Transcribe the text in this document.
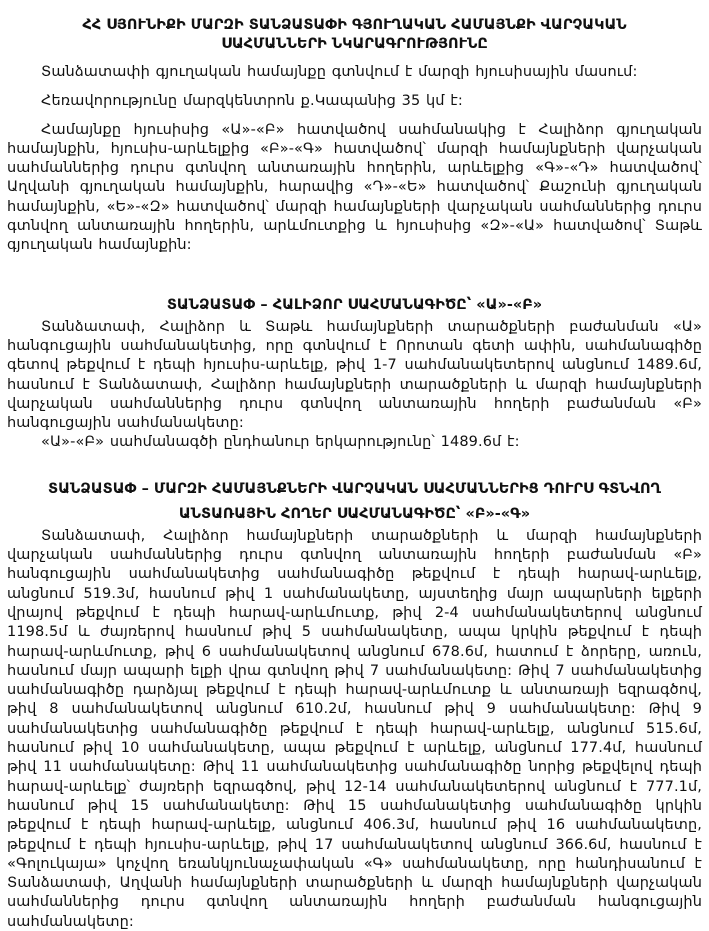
ՀՀ ՍՅՈՒՆԻՔԻ ՄԱՐԶԻ ՏԱՆՁԱՏԱՓԻ ԳՅՈՒՂԱԿԱՆ ՀԱՄԱՅՆՔԻ ՎԱՐՉԱԿԱՆ
ՍԱՀՄԱՆՆԵՐԻ ՆԿԱՐԱԳՐՈՒԹՅՈՒՆԸ

Տանձատափի գյուղական համայնքը գտնվում է մարզի հյուսիսային մասում:

Հեռավորությունը մարզկենտրոն ք.Կապանից 35 կմ է:

Համայնքը հյուսիսից «Ա»-«Բ» հատվածով սահմանակից է Հալիձոր գյուղական համայնքին, հյուսիս-արևելքից «Բ»-«Գ» հատվածով՝ մարզի համայնքների վարչական սահմաններից դուրս գտնվող անտառային հողերին, արևելքից «Գ»-«Դ» հատվածով՝ Աղվանի գյուղական համայնքին, հարավից «Դ»-«Ե» հատվածով՝ Քաշունի գյուղական համայնքին, «Ե»-«Զ» հատվածով՝ մարզի համայնքների վարչական սահմաններից դուրս գտնվող անտառային հողերին, արևմուտքից և հյուսիսից «Զ»-«Ա» հատվածով՝ Տաթև գյուղական համայնքին:

ՏԱՆՁԱՏԱՓ – ՀԱԼԻՁՈՐ ՍԱՀՄԱՆԱԳԻԾԸ՝ «Ա»-«Բ»

Տանձատափ, Հալիձոր և Տաթև համայնքների տարածքների բաժանման «Ա» հանգուցային սահմանակետից, որը գտնվում է Որոտան գետի ափին, սահմանագիծը գետով թեքվում է դեպի հյուսիս-արևելք, թիվ 1-7 սահմանակետերով անցնում 1489.6մ, հասնում է Տանձատափ, Հալիձոր համայնքների տարածքների և մարզի համայնքների վարչական սահմաններից դուրս գտնվող անտառային հողերի բաժանման «Բ» հանգուցային սահմանակետը:

«Ա»-«Բ» սահմանագծի ընդհանուր երկարությունը՝ 1489.6մ է:

ՏԱՆՁԱՏԱՓ – ՄԱՐԶԻ ՀԱՄԱՅՆՔՆԵՐԻ ՎԱՐՉԱԿԱՆ ՍԱՀՄԱՆՆԵՐԻՑ ԴՈՒՐՍ ԳՏՆՎՈՂ
ԱՆՏԱՌԱՅԻՆ ՀՈՂԵՐ ՍԱՀՄԱՆԱԳԻԾԸ՝ «Բ»-«Գ»

Տանձատափ, Հալիձոր համայնքների տարածքների և մարզի համայնքների վարչական սահմաններից դուրս գտնվող անտառային հողերի բաժանման «Բ» հանգուցային սահմանակետից սահմանագիծը թեքվում է դեպի հարավ-արևելք, անցնում 519.3մ, հասնում թիվ 1 սահմանակետը, այստեղից մայր ապարների ելքերի վրայով թեքվում է դեպի հարավ-արևմուտք, թիվ 2-4 սահմանակետերով անցնում 1198.5մ և ժայռերով հասնում թիվ 5 սահմանակետը, ապա կրկին թեքվում է դեպի հարավ-արևմուտք, թիվ 6 սահմանակետով անցնում 678.6մ, հատում է ձորերը, առուն, հասնում մայր ապարի ելքի վրա գտնվող թիվ 7 սահմանակետը: Թիվ 7 սահմանակետից սահմանագիծը դարձյալ թեքվում է դեպի հարավ-արևմուտք և անտառայի եզրագծով, թիվ 8 սահմանակետով անցնում 610.2մ, հասնում թիվ 9 սահմանակետը: Թիվ 9 սահմանակետից սահմանագիծը թեքվում է դեպի հարավ-արևելք, անցնում 515.6մ, հասնում թիվ 10 սահմանակետը, ապա թեքվում է արևելք, անցնում 177.4մ, հասնում թիվ 11 սահմանակետը: Թիվ 11 սահմանակետից սահմանագիծը նորից թեքվելով դեպի հարավ-արևելք՝ ժայռերի եզրագծով, թիվ 12-14 սահմանակետերով անցնում է 777.1մ, հասնում թիվ 15 սահմանակետը: Թիվ 15 սահմանակետից սահմանագիծը կրկին թեքվում է դեպի հարավ-արևելք, անցնում 406.3մ, հասնում թիվ 16 սահմանակետը, թեքվում է դեպի հյուսիս-արևելք, թիվ 17 սահմանակետով անցնում 366.6մ, հասնում է «Գոլուկայա» կոչվող եռանկյունաչափական «Գ» սահմանակետը, որը հանդիսանում է Տանձատափ, Աղվանի համայնքների տարածքների և մարզի համայնքների վարչական սահմաններից դուրս գտնվող անտառային հողերի բաժանման հանգուցային սահմանակետը:
